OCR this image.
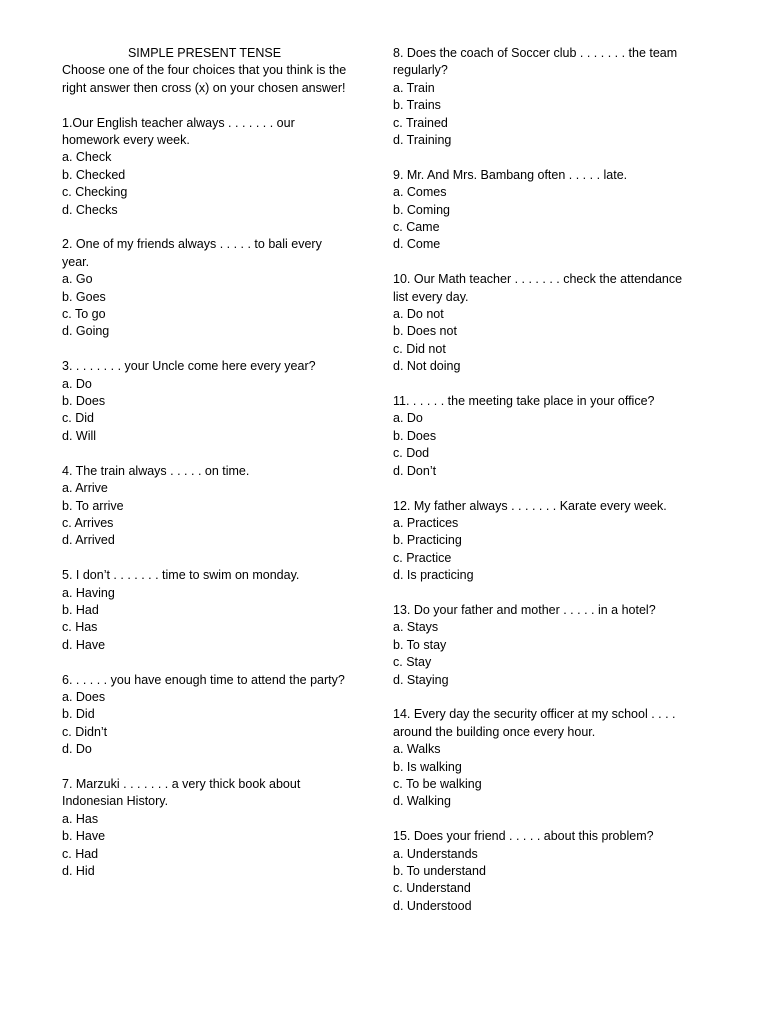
SIMPLE PRESENT TENSE

Choose one of the four choices that you think is the right answer then cross (x) on your chosen answer!

1.Our English teacher always . . . . . . . our homework every week.

a. Check

b. Checked

c. Checking

d. Checks

2. One of my friends always . . . . . to bali every year.

a. Go

b. Goes

c. To go

d. Going

3. . . . . . . . your Uncle come here every year?

a. Do

b. Does

c. Did

d. Will

4. The train always . . . . . on time.

a. Arrive

b. To arrive

c. Arrives

d. Arrived

5. I don’t . . . . . . . time to swim on monday.

a. Having

b. Had

c. Has

d. Have

6. . . . . . you have enough time to attend the party?

a. Does

b. Did

c. Didn’t

d. Do

7. Marzuki . . . . . . . a very thick book about Indonesian History.

a. Has

b. Have

c. Had

d. Hid

8. Does the coach of Soccer club . . . . . . . the team regularly?

a. Train

b. Trains

c. Trained

d. Training

9. Mr. And Mrs. Bambang often . . . . . late.

a. Comes

b. Coming

c. Came

d. Come

10. Our Math teacher . . . . . . . check the attendance list every day.

a. Do not

b. Does not

c. Did not

d. Not doing

11. . . . . . the meeting take place in your office?

a. Do

b. Does

c. Dod

d. Don’t

12. My father always . . . . . . . Karate every week.

a. Practices

b. Practicing

c. Practice

d. Is practicing

13. Do your father and mother . . . . . in a hotel?

a. Stays

b. To stay

c. Stay

d. Staying

14. Every day the security officer at my school . . . . around the building once every hour.

a. Walks

b. Is walking

c. To be walking

d. Walking

15. Does your friend . . . . . about this problem?

a. Understands

b. To understand

c. Understand

d. Understood
